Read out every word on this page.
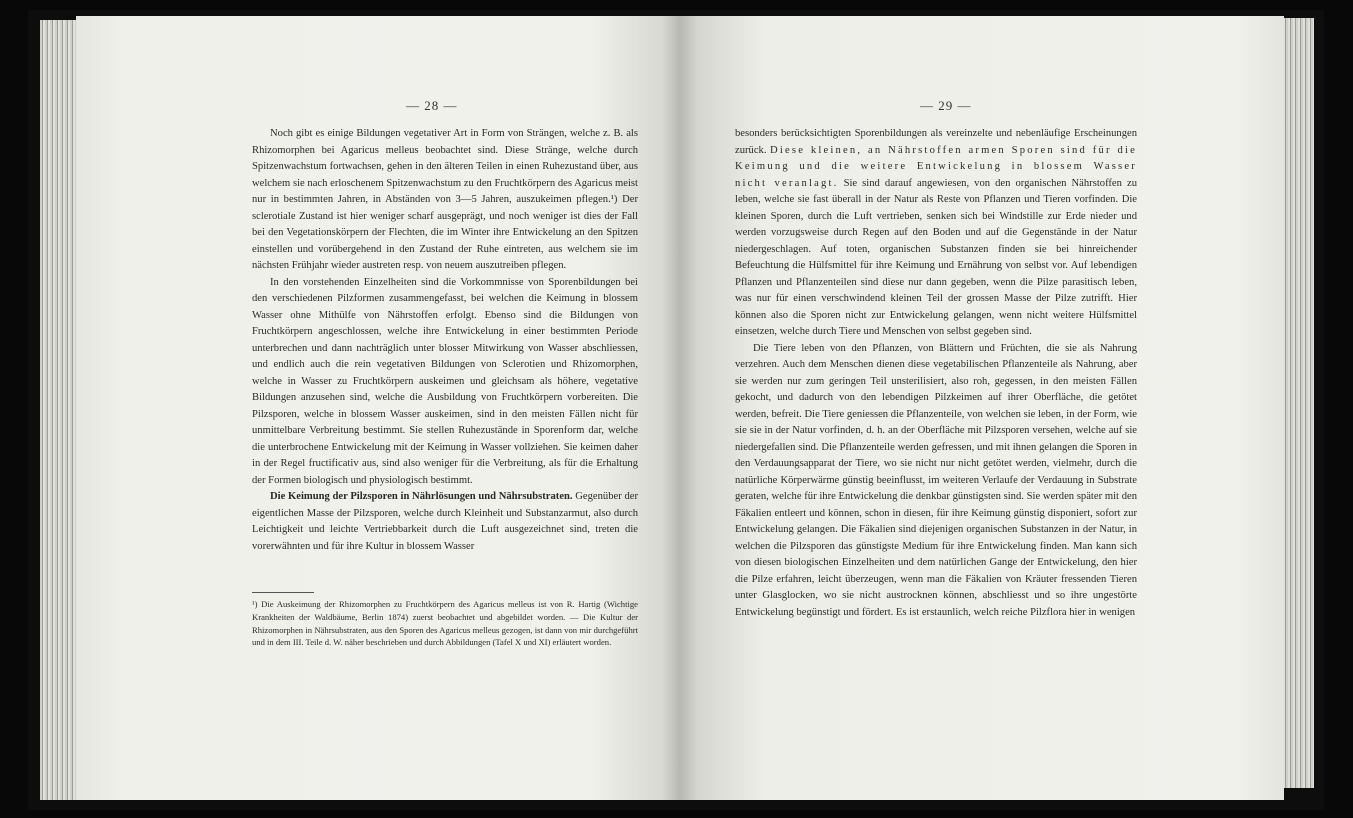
— 28 —

Noch gibt es einige Bildungen vegetativer Art in Form von Strängen, welche z. B. als Rhizomorphen bei Agaricus melleus beobachtet sind. Diese Stränge, welche durch Spitzenwachstum fortwachsen, gehen in den älteren Teilen in einen Ruhezustand über, aus welchem sie nach erloschenem Spitzenwachstum zu den Fruchtkörpern des Agaricus meist nur in bestimmten Jahren, in Abständen von 3—5 Jahren, auszukeimen pflegen.¹) Der sclerotiale Zustand ist hier weniger scharf ausgeprägt, und noch weniger ist dies der Fall bei den Vegetationskörpern der Flechten, die im Winter ihre Entwickelung an den Spitzen einstellen und vorübergehend in den Zustand der Ruhe eintreten, aus welchem sie im nächsten Frühjahr wieder austreten resp. von neuem auszutreiben pflegen.

In den vorstehenden Einzelheiten sind die Vorkommnisse von Sporenbildungen bei den verschiedenen Pilzformen zusammengefasst, bei welchen die Keimung in blossem Wasser ohne Mithülfe von Nährstoffen erfolgt. Ebenso sind die Bildungen von Fruchtkörpern angeschlossen, welche ihre Entwickelung in einer bestimmten Periode unterbrechen und dann nachträglich unter blosser Mitwirkung von Wasser abschliessen, und endlich auch die rein vegetativen Bildungen von Sclerotien und Rhizomorphen, welche in Wasser zu Fruchtkörpern auskeimen und gleichsam als höhere, vegetative Bildungen anzusehen sind, welche die Ausbildung von Fruchtkörpern vorbereiten. Die Pilzsporen, welche in blossem Wasser auskeimen, sind in den meisten Fällen nicht für unmittelbare Verbreitung bestimmt. Sie stellen Ruhezustände in Sporenform dar, welche die unterbrochene Entwickelung mit der Keimung in Wasser vollziehen. Sie keimen daher in der Regel fructificativ aus, sind also weniger für die Verbreitung, als für die Erhaltung der Formen biologisch und physiologisch bestimmt.

Die Keimung der Pilzsporen in Nährlösungen und Nährsubstraten. Gegenüber der eigentlichen Masse der Pilzsporen, welche durch Kleinheit und Substanzarmut, also durch Leichtigkeit und leichte Vertriebbarkeit durch die Luft ausgezeichnet sind, treten die vorerwähnten und für ihre Kultur in blossem Wasser

¹) Die Auskeimung der Rhizomorphen zu Fruchtkörpern des Agaricus melleus ist von R. Hartig (Wichtige Krankheiten der Waldbäume, Berlin 1874) zuerst beobachtet und abgebildet worden. — Die Kultur der Rhizomorphen in Nährsubstraten, aus den Sporen des Agaricus melleus gezogen, ist dann von mir durchgeführt und in dem III. Teile d. W. näher beschrieben und durch Abbildungen (Tafel X und XI) erläutert worden.
— 29 —

besonders berücksichtigten Sporenbildungen als vereinzelte und nebenläufige Erscheinungen zurück. Diese kleinen, an Nährstoffen armen Sporen sind für die Keimung und die weitere Entwickelung in blossem Wasser nicht veranlagt. Sie sind darauf angewiesen, von den organischen Nährstoffen zu leben, welche sie fast überall in der Natur als Reste von Pflanzen und Tieren vorfinden. Die kleinen Sporen, durch die Luft vertrieben, senken sich bei Windstille zur Erde nieder und werden vorzugsweise durch Regen auf den Boden und auf die Gegenstände in der Natur niedergeschlagen. Auf toten, organischen Substanzen finden sie bei hinreichender Befeuchtung die Hülfsmittel für ihre Keimung und Ernährung von selbst vor. Auf lebendigen Pflanzen und Pflanzenteilen sind diese nur dann gegeben, wenn die Pilze parasitisch leben, was nur für einen verschwindend kleinen Teil der grossen Masse der Pilze zutrifft. Hier können also die Sporen nicht zur Entwickelung gelangen, wenn nicht weitere Hülfsmittel einsetzen, welche durch Tiere und Menschen von selbst gegeben sind.

Die Tiere leben von den Pflanzen, von Blättern und Früchten, die sie als Nahrung verzehren. Auch dem Menschen dienen diese vegetabilischen Pflanzenteile als Nahrung, aber sie werden nur zum geringen Teil unsterilisiert, also roh, gegessen, in den meisten Fällen gekocht, und dadurch von den lebendigen Pilzkeimen auf ihrer Oberfläche, die getötet werden, befreit. Die Tiere geniessen die Pflanzenteile, von welchen sie leben, in der Form, wie sie sie in der Natur vorfinden, d. h. an der Oberfläche mit Pilzsporen versehen, welche auf sie niedergefallen sind. Die Pflanzenteile werden gefressen, und mit ihnen gelangen die Sporen in den Verdauungsapparat der Tiere, wo sie nicht nur nicht getötet werden, vielmehr, durch die natürliche Körperwärme günstig beeinflusst, im weiteren Verlaufe der Verdauung in Substrate geraten, welche für ihre Entwickelung die denkbar günstigsten sind. Sie werden später mit den Fäkalien entleert und können, schon in diesen, für ihre Keimung günstig disponiert, sofort zur Entwickelung gelangen. Die Fäkalien sind diejenigen organischen Substanzen in der Natur, in welchen die Pilzsporen das günstigste Medium für ihre Entwickelung finden. Man kann sich von diesen biologischen Einzelheiten und dem natürlichen Gange der Entwickelung, den hier die Pilze erfahren, leicht überzeugen, wenn man die Fäkalien von Kräuter fressenden Tieren unter Glasglocken, wo sie nicht austrocknen können, abschliesst und so ihre ungestörte Entwickelung begünstigt und fördert. Es ist erstaunlich, welch reiche Pilzflora hier in wenigen
